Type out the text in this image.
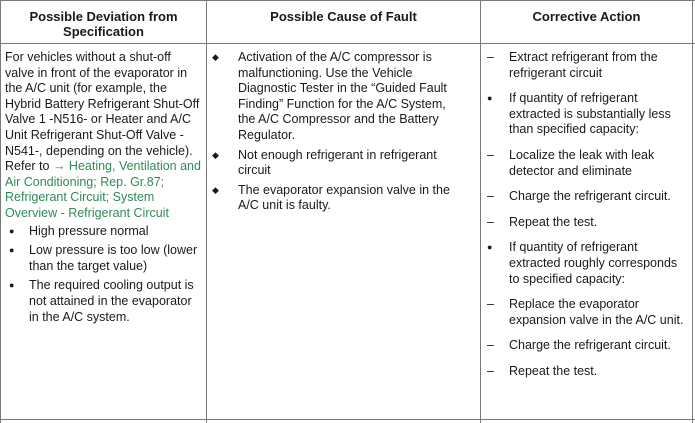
Possible Deviation from Specification
Possible Cause of Fault	Corrective Action

For vehicles without a shut-off valve in front of the evaporator in the A/C unit (for example, the Hybrid Battery Refrigerant Shut-Off Valve 1 -N516- or Heater and A/C Unit Refrigerant Shut-Off Valve -N541-, depending on the vehicle). Refer to → Heating, Ventilation and Air Conditioning; Rep. Gr.87; Refrigerant Circuit; System Overview - Refrigerant Circuit

● High pressure normal
● Low pressure is too low (lower than the target value)
● The required cooling output is not attained in the evaporator in the A/C system.
◆ Activation of the A/C compressor is malfunctioning. Use the Vehicle Diagnostic Tester in the “Guided Fault Finding” Function for the A/C System, the A/C Compressor and the Battery Regulator.
◆ Not enough refrigerant in refrigerant circuit
◆ The evaporator expansion valve in the A/C unit is faulty.
– Extract refrigerant from the refrigerant circuit
● If quantity of refrigerant extracted is substantially less than specified capacity:
– Localize the leak with leak detector and eliminate
– Charge the refrigerant circuit.
– Repeat the test.
● If quantity of refrigerant extracted roughly corresponds to specified capacity:
– Replace the evaporator expansion valve in the A/C unit.
– Charge the refrigerant circuit.
– Repeat the test.
